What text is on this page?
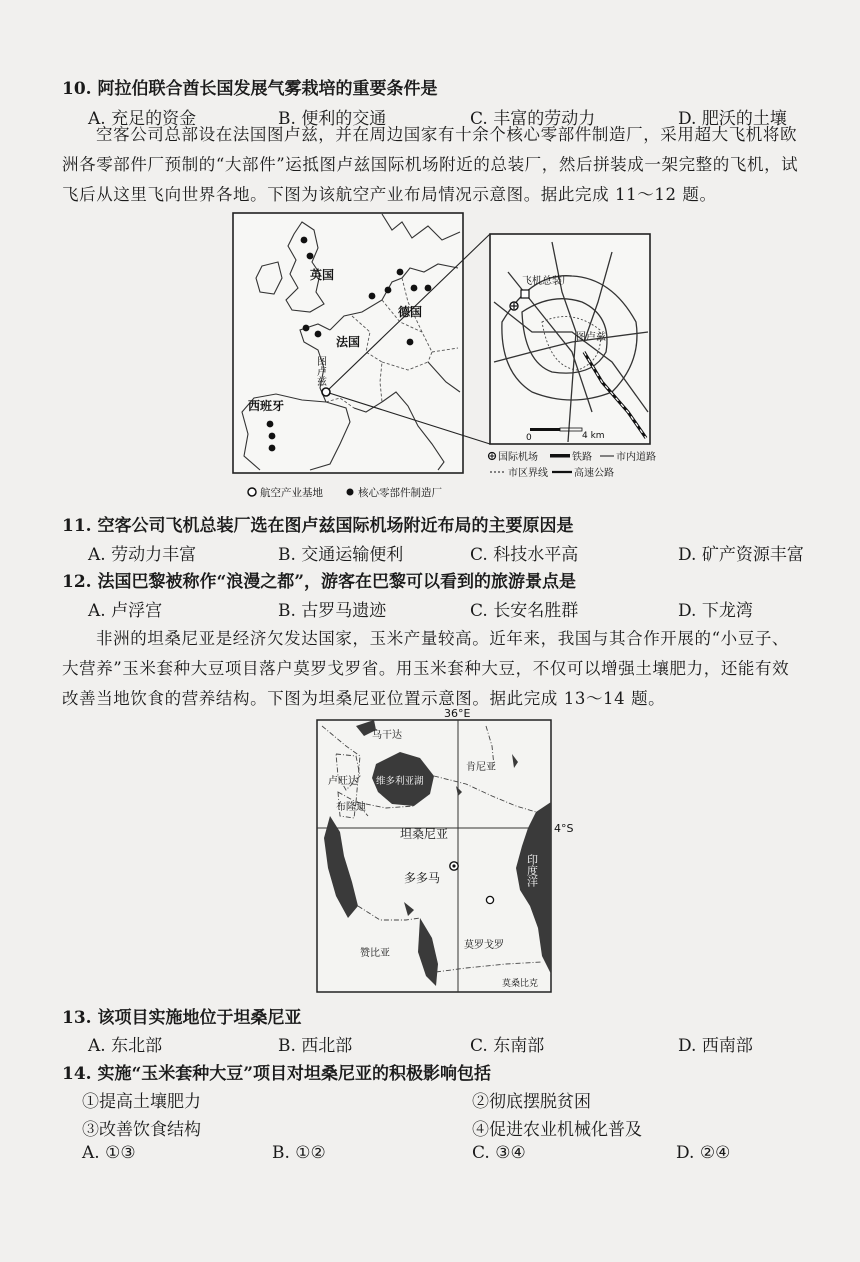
10. 阿拉伯联合酋长国发展气雾栽培的重要条件是
A. 充足的资金	B. 便利的交通	C. 丰富的劳动力	D. 肥沃的土壤
空客公司总部设在法国图卢兹，并在周边国家有十余个核心零部件制造厂，采用超大飞机将欧洲各零部件厂预制的“大部件”运抵图卢兹国际机场附近的总装厂，然后拼装成一架完整的飞机，试飞后从这里飞向世界各地。下图为该航空产业布局情况示意图。据此完成 11～12 题。
英国
德国
法国
西班牙
图卢兹
飞机总装厂
图卢兹
0	4 km
国际机场	铁路 市内道路
市区界线	高速公路
航空产业基地	核心零部件制造厂
11. 空客公司飞机总装厂选在图卢兹国际机场附近布局的主要原因是
A. 劳动力丰富	B. 交通运输便利	C. 科技水平高	D. 矿产资源丰富
12. 法国巴黎被称作“浪漫之都”，游客在巴黎可以看到的旅游景点是
A. 卢浮宫	B. 古罗马遗迹	C. 长安名胜群	D. 下龙湾
非洲的坦桑尼亚是经济欠发达国家，玉米产量较高。近年来，我国与其合作开展的“小豆子、大营养”玉米套种大豆项目落户莫罗戈罗省。用玉米套种大豆，不仅可以增强土壤肥力，还能有效改善当地饮食的营养结构。下图为坦桑尼亚位置示意图。据此完成 13～14 题。
乌干达
肯尼亚
卢旺达 维多利亚湖
布隆迪
莫罗戈罗
赞比亚
莫桑比克
坦桑尼亚
多多马	印度洋
36°E
4°S
13. 该项目实施地位于坦桑尼亚
A. 东北部	B. 西北部	C. 东南部	D. 西南部
14. 实施“玉米套种大豆”项目对坦桑尼亚的积极影响包括
①提高土壤肥力	②彻底摆脱贫困
③改善饮食结构	④促进农业机械化普及
A. ①③	B. ①②	C. ③④	D. ②④
